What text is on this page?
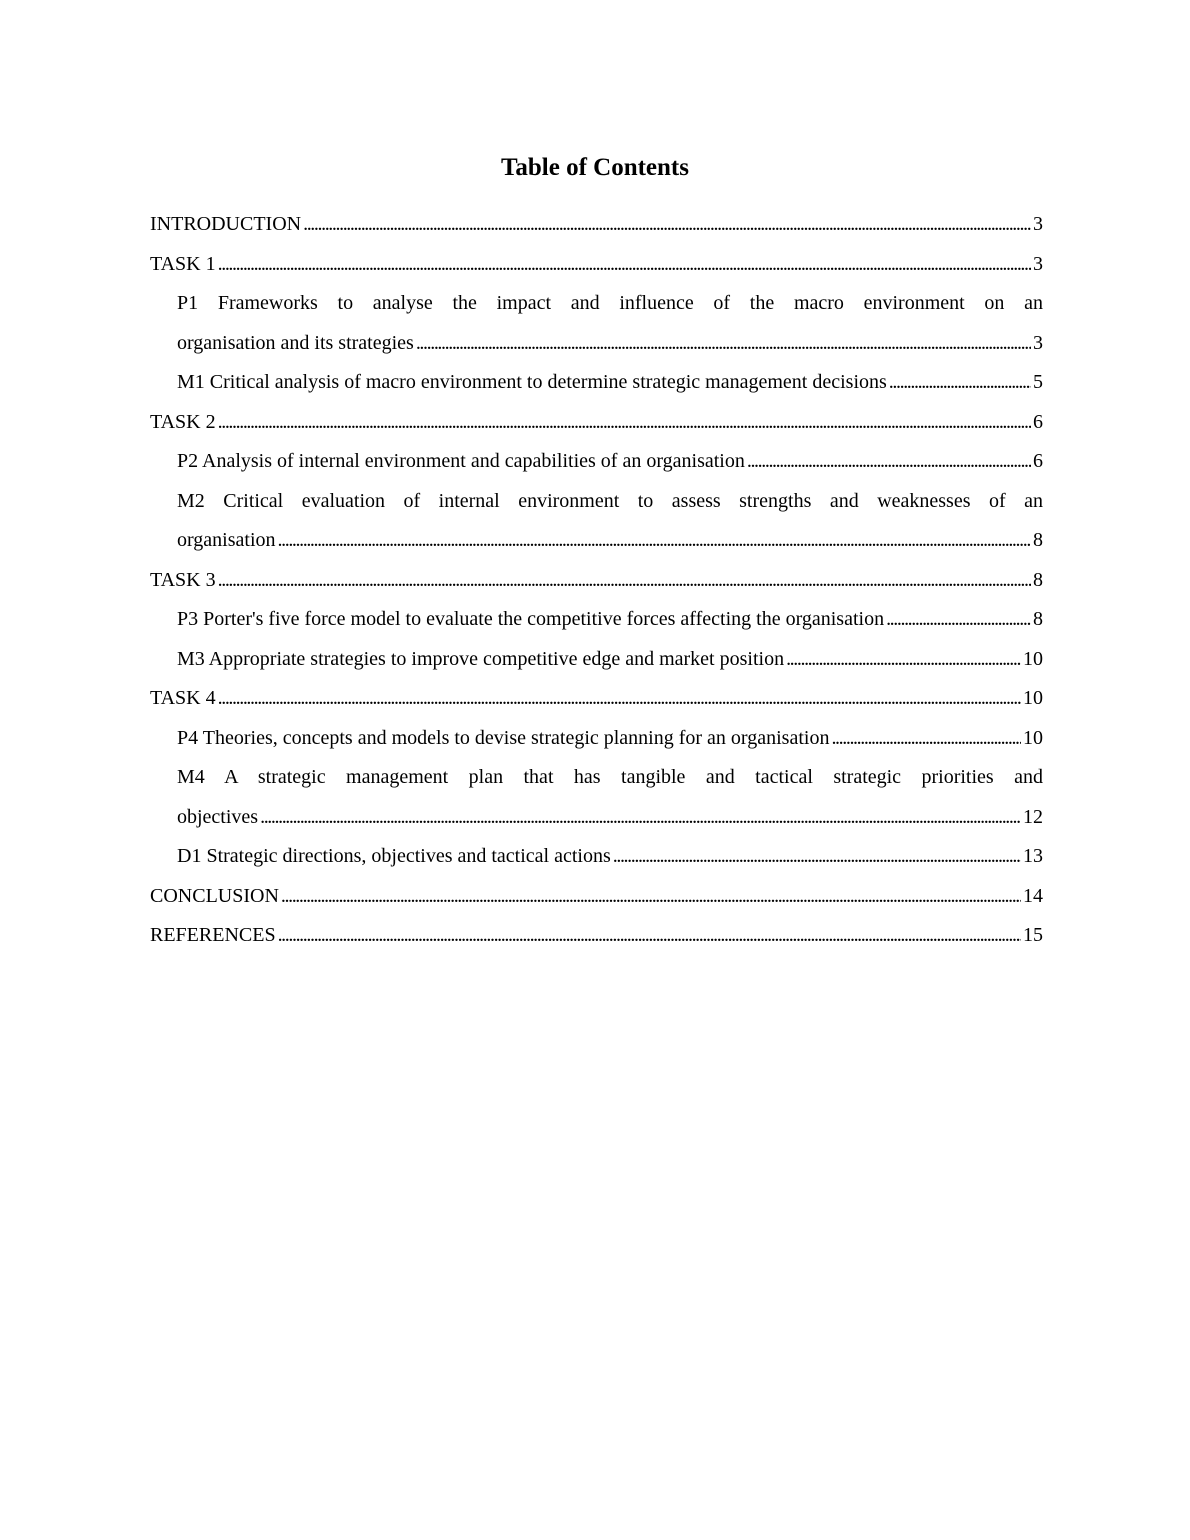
Table of Contents
INTRODUCTION . . .	3
TASK 1 . . .	3
P1 Frameworks to analyse the impact and influence of the macro environment on an
organisation and its strategies . . .	3
M1 Critical analysis of macro environment to determine strategic management decisions . . .	5
TASK 2 . . .	6
P2 Analysis of internal environment and capabilities of an organisation . . .	6
M2 Critical evaluation of internal environment to assess strengths and weaknesses of an
organisation . . .	8
TASK 3 . . .	8
P3 Porter's five force model to evaluate the competitive forces affecting the organisation . . .	8
M3 Appropriate strategies to improve competitive edge and market position . . .	10
TASK 4 . . .	10
P4 Theories, concepts and models to devise strategic planning for an organisation . . .	10
M4 A strategic management plan that has tangible and tactical strategic priorities and
objectives . . .	12
D1 Strategic directions, objectives and tactical actions . . .	13
CONCLUSION . . .	14
REFERENCES . . .	15
